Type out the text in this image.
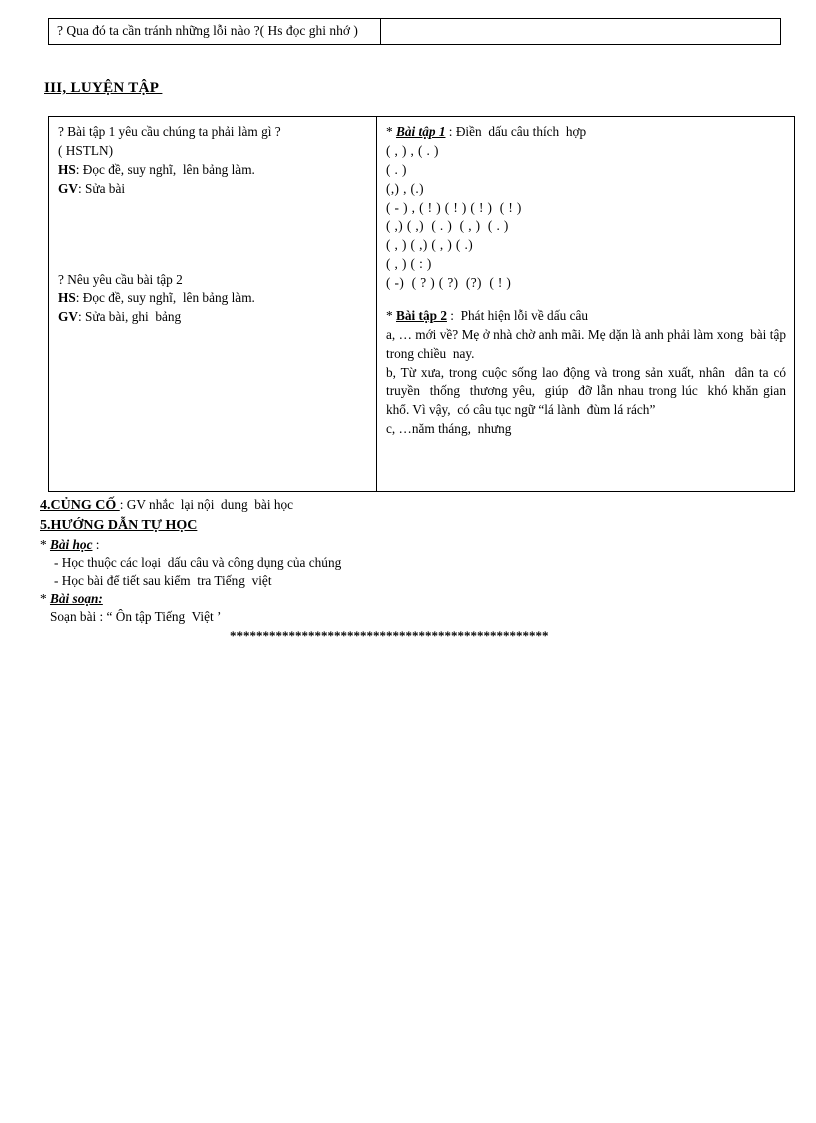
? Qua đó ta cần tránh những lỗi nào ?( Hs đọc ghi nhớ )	
III, LUYỆN TẬP
? Bài tập 1 yêu cầu chúng ta phải làm gì ?
( HSTLN)
HS: Đọc đề, suy nghĩ,  lên bảng làm.
GV: Sửa bài
? Nêu yêu cầu bài tập 2
HS: Đọc đề, suy nghĩ,  lên bảng làm.
GV: Sửa bài, ghi  bảng

* Bài tập 1 : Điền  dấu câu thích  hợp
( , ) , ( . )
( . )
(,) , (.)
( - ) , ( ! ) ( ! ) ( ! )  ( ! )
( ,) ( ,)  ( . )  ( , )  ( . )
( , ) ( ,) ( , ) ( .)
( , ) ( : )
( -)  ( ? ) ( ?)  (?)  ( ! )
* Bài tập 2 :  Phát hiện lỗi về dấu câu
a, … mới về? Mẹ ở nhà chờ anh mãi. Mẹ dặn là anh phải làm xong  bài tập trong chiều  nay.
b, Từ xưa, trong cuộc sống lao động và trong sản xuất, nhân  dân ta có truyền  thống  thương yêu,  giúp  đỡ lẫn nhau trong lúc  khó khăn gian khổ. Vì vậy,  có câu tục ngữ “lá lành  đùm lá rách”
c, …năm tháng,  nhưng
4.CỦNG CỐ : GV nhắc  lại nội  dung  bài học
5.HƯỚNG DẪN TỰ HỌC
* Bài học :
- Học thuộc các loại  dấu câu và công dụng của chúng
- Học bài để tiết sau kiểm  tra Tiếng  việt
* Bài soạn:
Soạn bài : “ Ôn tập Tiếng  Việt ’
*************************************************
